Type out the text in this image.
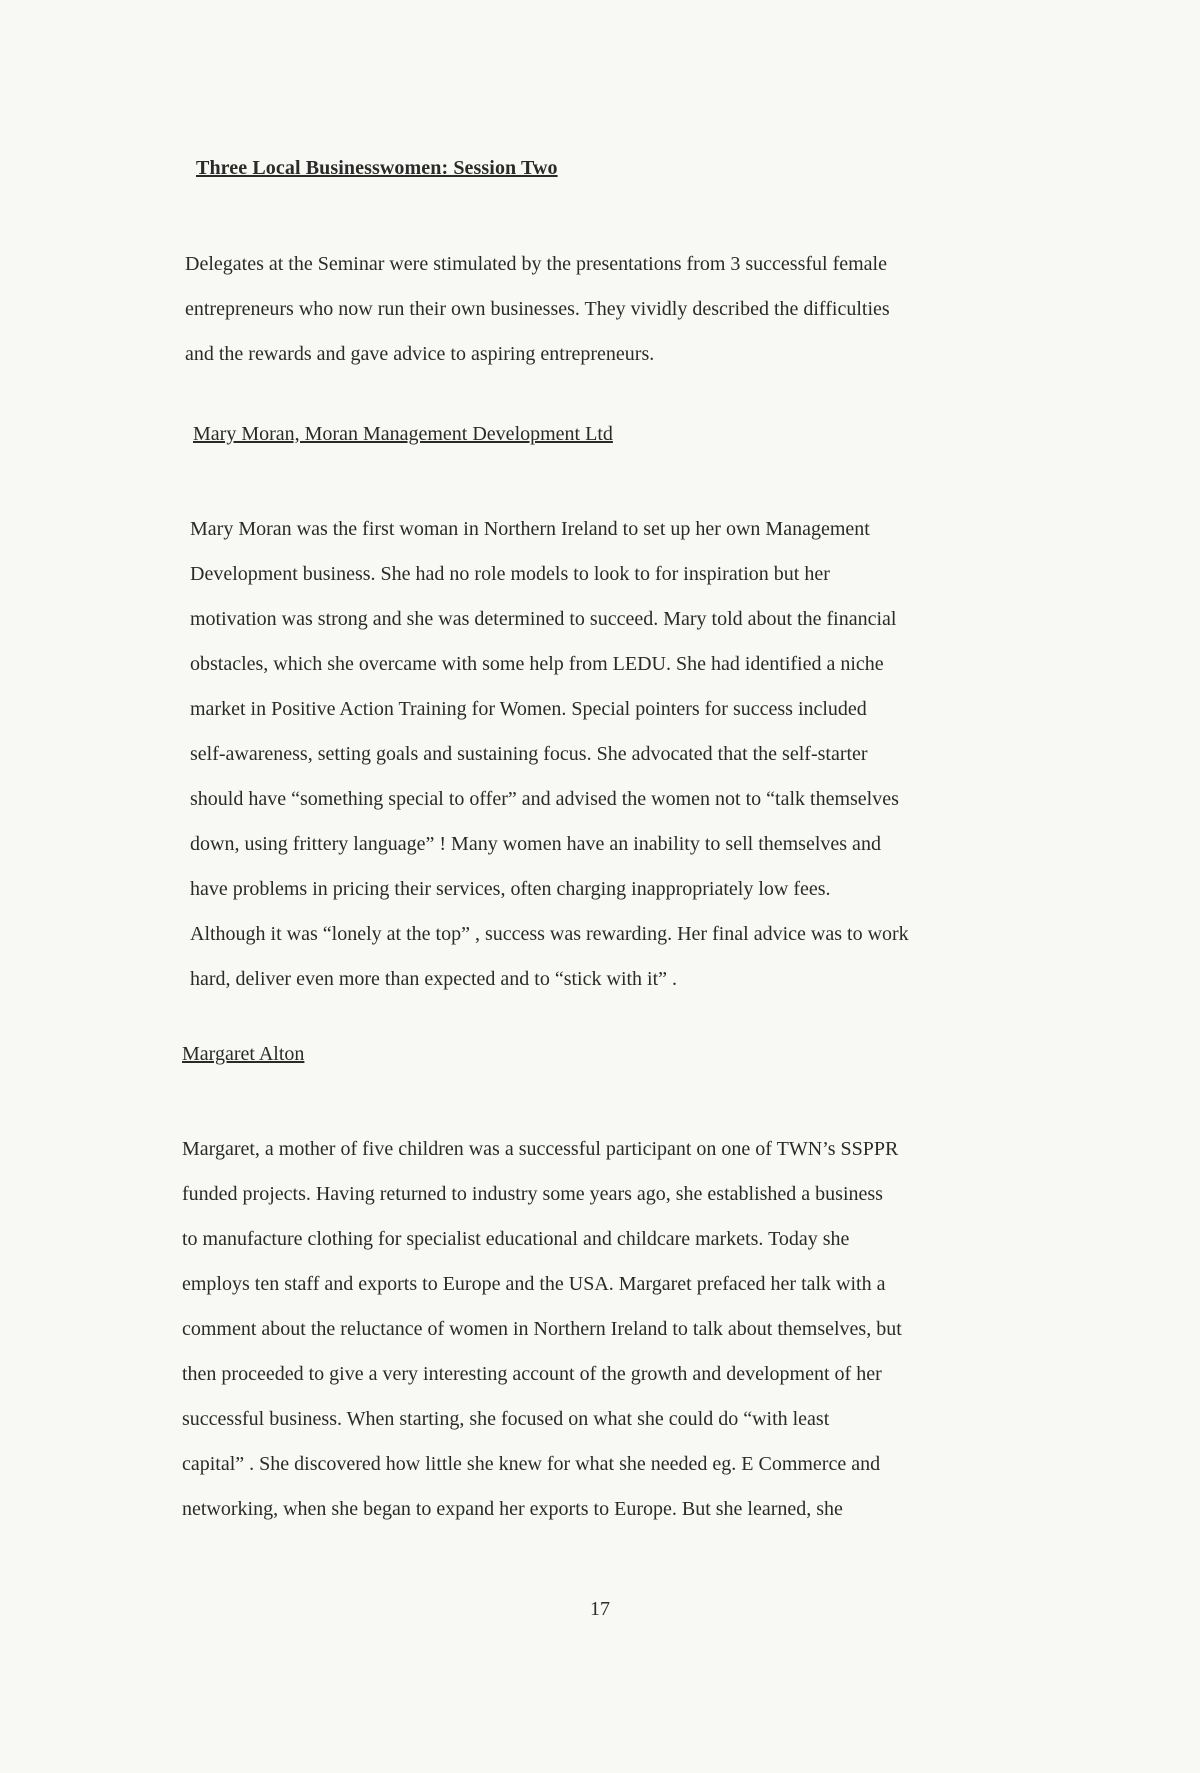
Three Local Businesswomen: Session Two
Delegates at the Seminar were stimulated by the presentations from 3 successful female
entrepreneurs who now run their own businesses. They vividly described the difficulties
and the rewards and gave advice to aspiring entrepreneurs.
Mary Moran, Moran Management Development Ltd
Mary Moran was the first woman in Northern Ireland to set up her own Management
Development business. She had no role models to look to for inspiration but her
motivation was strong and she was determined to succeed. Mary told about the financial
obstacles, which she overcame with some help from LEDU. She had identified a niche
market in Positive Action Training for Women. Special pointers for success included
self-awareness, setting goals and sustaining focus. She advocated that the self-starter
should have “something special to offer” and advised the women not to “talk themselves
down, using frittery language” ! Many women have an inability to sell themselves and
have problems in pricing their services, often charging inappropriately low fees.
Although it was “lonely at the top” , success was rewarding. Her final advice was to work
hard, deliver even more than expected and to “stick with it” .
Margaret Alton
Margaret, a mother of five children was a successful participant on one of TWN’s SSPPR
funded projects. Having returned to industry some years ago, she established a business
to manufacture clothing for specialist educational and childcare markets. Today she
employs ten staff and exports to Europe and the USA. Margaret prefaced her talk with a
comment about the reluctance of women in Northern Ireland to talk about themselves, but
then proceeded to give a very interesting account of the growth and development of her
successful business. When starting, she focused on what she could do “with least
capital” . She discovered how little she knew for what she needed eg. E Commerce and
networking, when she began to expand her exports to Europe. But she learned, she
17
